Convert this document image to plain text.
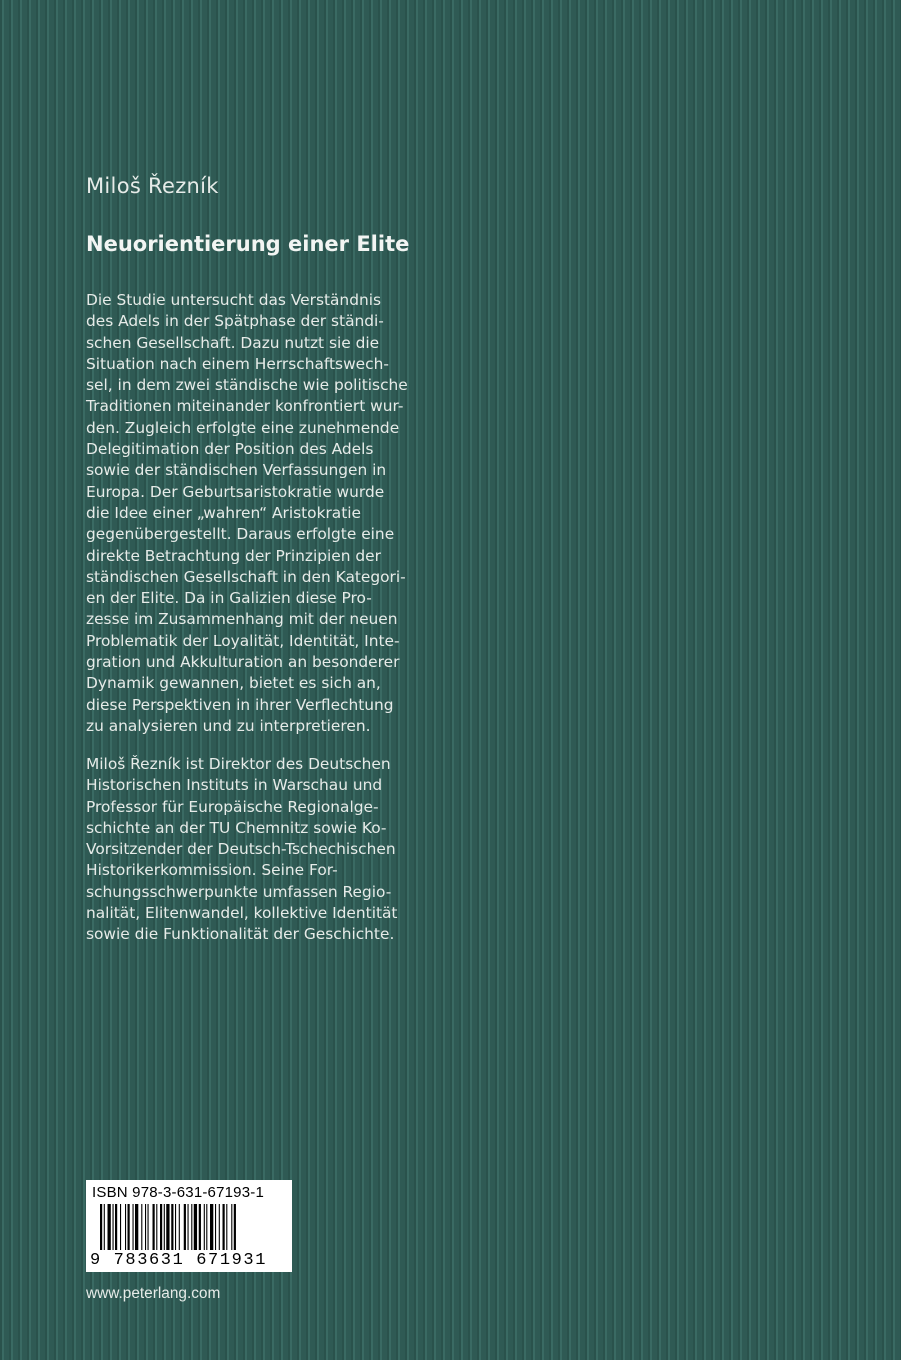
Miloš Řezník
Neuorientierung einer Elite
Die Studie untersucht das Verständnis
des Adels in der Spätphase der ständi-
schen Gesellschaft. Dazu nutzt sie die
Situation nach einem Herrschaftswech-
sel, in dem zwei ständische wie politische
Traditionen miteinander konfrontiert wur-
den. Zugleich erfolgte eine zunehmende
Delegitimation der Position des Adels
sowie der ständischen Verfassungen in
Europa. Der Geburtsaristokratie wurde
die Idee einer „wahren“ Aristokratie
gegenübergestellt. Daraus erfolgte eine
direkte Betrachtung der Prinzipien der
ständischen Gesellschaft in den Kategori-
en der Elite. Da in Galizien diese Pro-
zesse im Zusammenhang mit der neuen
Problematik der Loyalität, Identität, Inte-
gration und Akkulturation an besonderer
Dynamik gewannen, bietet es sich an,
diese Perspektiven in ihrer Verflechtung
zu analysieren und zu interpretieren.
Miloš Řezník ist Direktor des Deutschen
Historischen Instituts in Warschau und
Professor für Europäische Regionalge-
schichte an der TU Chemnitz sowie Ko-
Vorsitzender der Deutsch-Tschechischen
Historikerkommission. Seine For-
schungsschwerpunkte umfassen Regio-
nalität, Elitenwandel, kollektive Identität
sowie die Funktionalität der Geschichte.
ISBN 978-3-631-67193-1
9 783631 671931
www.peterlang.com
